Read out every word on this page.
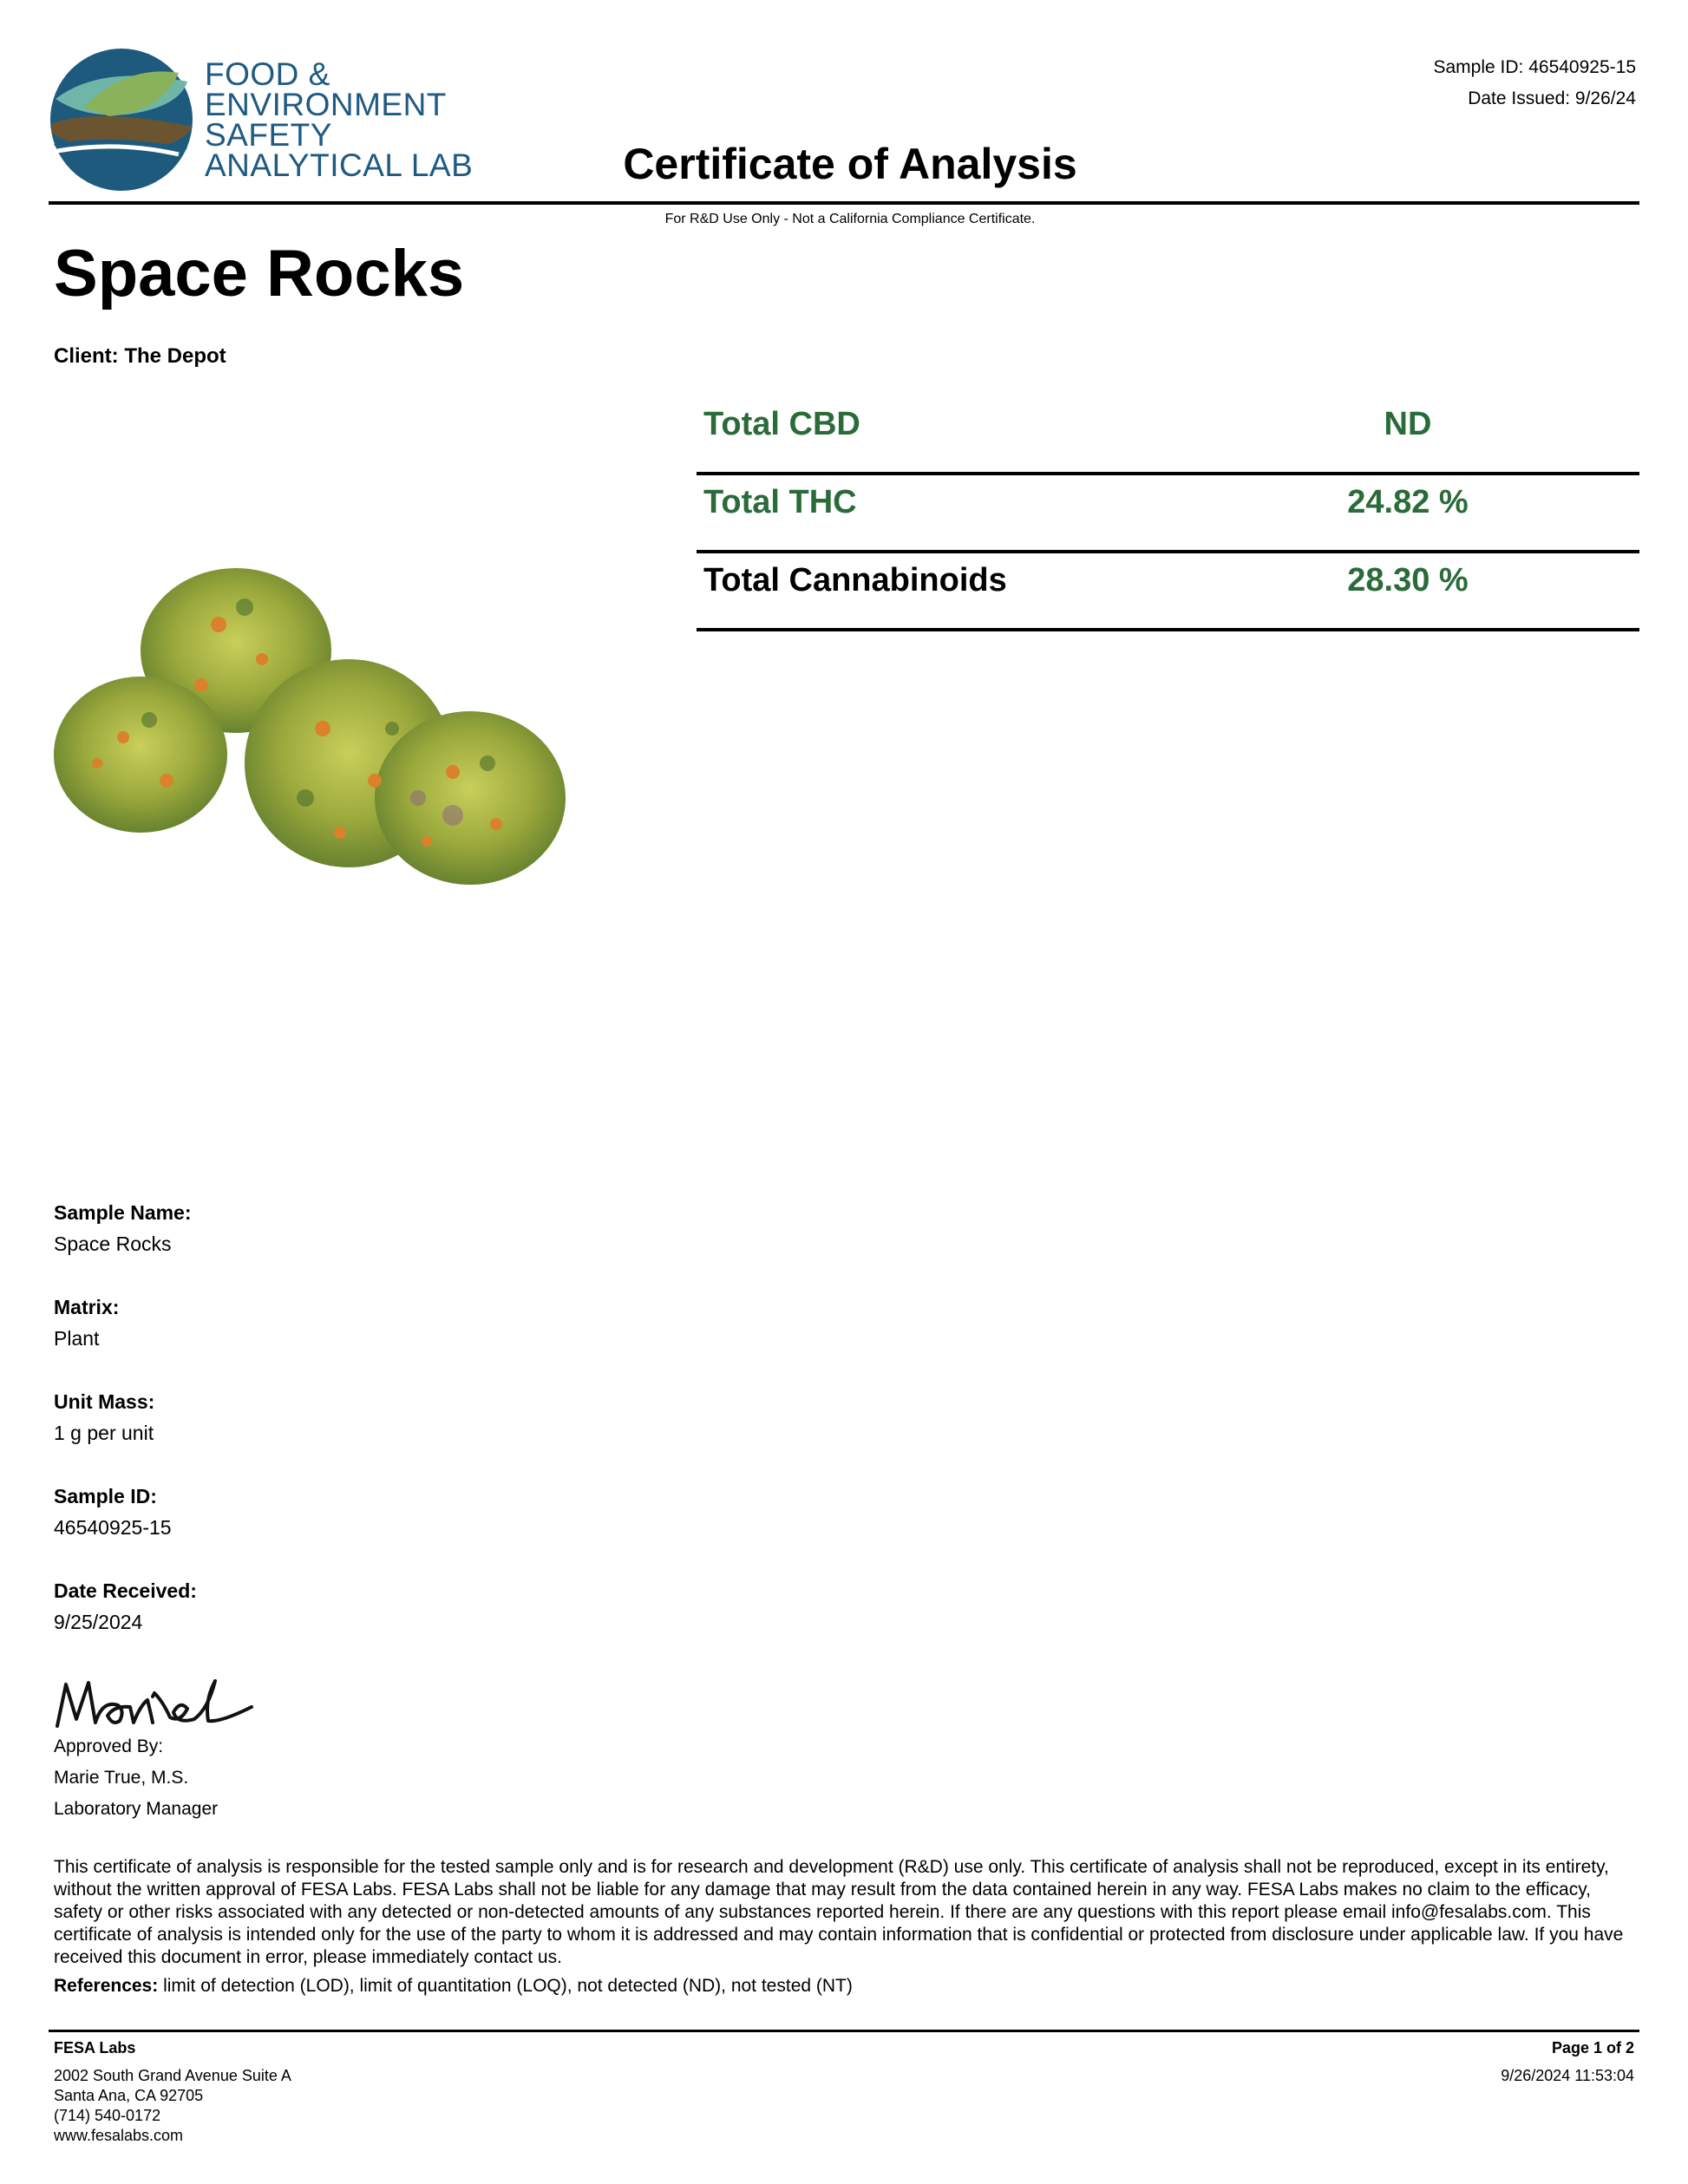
FOOD &
ENVIRONMENT
SAFETY
ANALYTICAL LAB
Sample ID: 46540925-15
Date Issued: 9/26/24
Certificate of Analysis
For R&D Use Only - Not a California Compliance Certificate.
Space Rocks
Client: The Depot
Total CBD	ND
Total THC	24.82 %
Total Cannabinoids	28.30 %
Sample Name:
Space Rocks
Matrix:
Plant
Unit Mass:
1 g per unit
Sample ID:
46540925-15
Date Received:
9/25/2024
Approved By:
Marie True, M.S.
Laboratory Manager
This certificate of analysis is responsible for the tested sample only and is for research and development (R&D) use only. This certificate of analysis shall not be reproduced, except in its entirety, without the written approval of FESA Labs. FESA Labs shall not be liable for any damage that may result from the data contained herein in any way. FESA Labs makes no claim to the efficacy, safety or other risks associated with any detected or non-detected amounts of any substances reported herein. If there are any questions with this report please email info@fesalabs.com. This certificate of analysis is intended only for the use of the party to whom it is addressed and may contain information that is confidential or protected from disclosure under applicable law. If you have received this document in error, please immediately contact us.
References: limit of detection (LOD), limit of quantitation (LOQ), not detected (ND), not tested (NT)
FESA Labs
2002 South Grand Avenue Suite A
Santa Ana, CA 92705
(714) 540-0172
www.fesalabs.com
Page 1 of 2
9/26/2024 11:53:04
